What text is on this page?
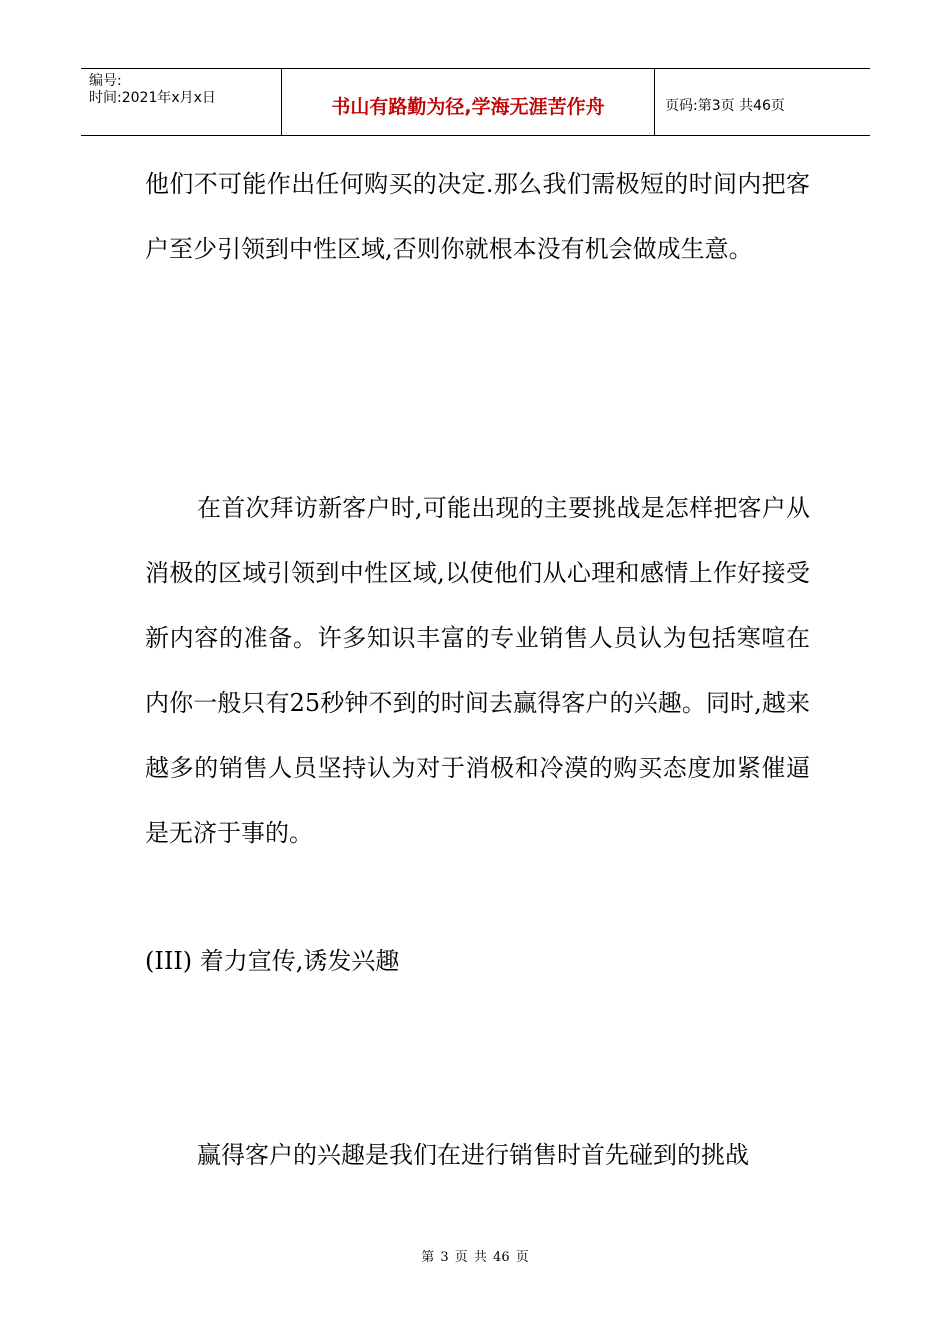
编号:
时间:2021年x月x日	书山有路勤为径,学海无涯苦作舟	页码:第3页 共46页

他们不可能作出任何购买的决定.那么我们需极短的时间内把客户至少引领到中性区域,否则你就根本没有机会做成生意。

在首次拜访新客户时,可能出现的主要挑战是怎样把客户从消极的区域引领到中性区域,以使他们从心理和感情上作好接受新内容的准备。许多知识丰富的专业销售人员认为包括寒喧在内你一般只有25秒钟不到的时间去赢得客户的兴趣。同时,越来越多的销售人员坚持认为对于消极和冷漠的购买态度加紧催逼是无济于事的。

(III) 着力宣传,诱发兴趣

赢得客户的兴趣是我们在进行销售时首先碰到的挑战

第 3 页 共 46 页
